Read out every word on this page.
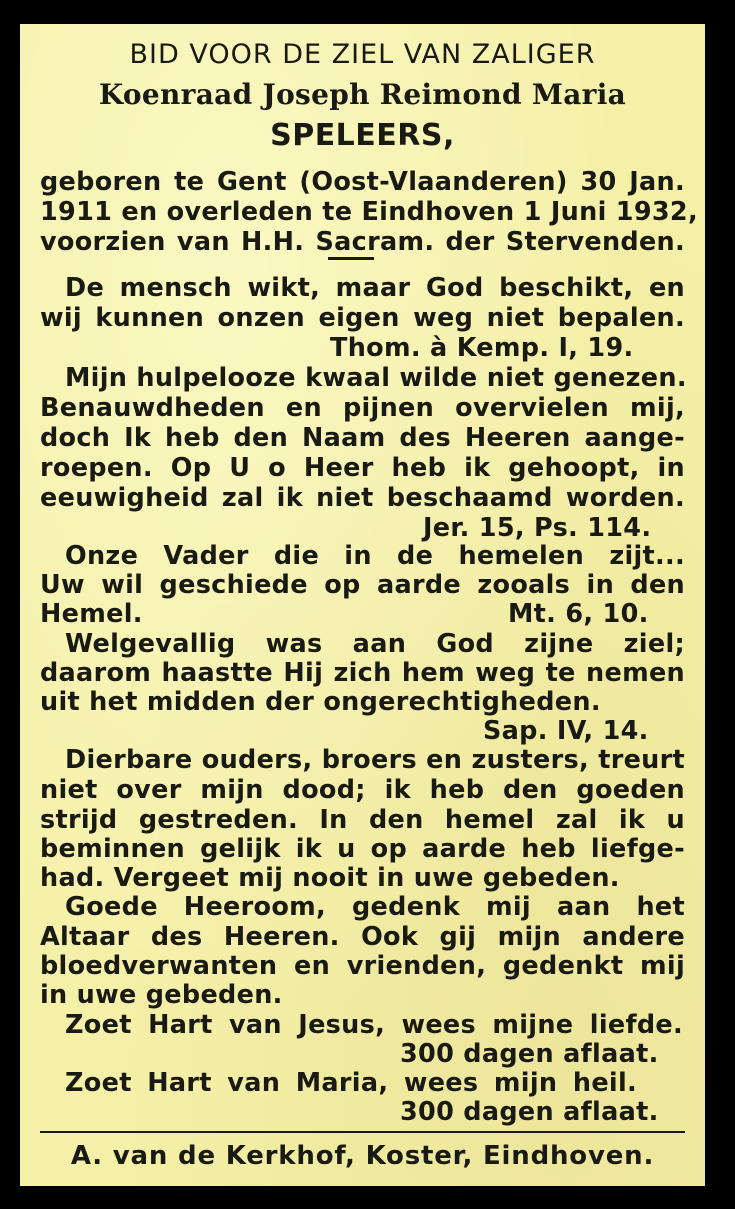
BID VOOR DE ZIEL VAN ZALIGER
Koenraad Joseph Reimond Maria
SPELEERS,
geboren te Gent (Oost-Vlaanderen) 30 Jan.
1911 en overleden te Eindhoven 1 Juni 1932,
voorzien van H.H. Sacram. der Stervenden.
De mensch wikt, maar God beschikt, en
wij kunnen onzen eigen weg niet bepalen.
Thom. à Kemp. I, 19.
Mijn hulpelooze kwaal wilde niet genezen.
Benauwdheden en pijnen overvielen mij,
doch Ik heb den Naam des Heeren aange-
roepen. Op U o Heer heb ik gehoopt, in
eeuwigheid zal ik niet beschaamd worden.
Jer. 15, Ps. 114.
Onze Vader die in de hemelen zijt...
Uw wil geschiede op aarde zooals in den
Hemel.	Mt. 6, 10.
Welgevallig was aan God zijne ziel;
daarom haastte Hij zich hem weg te nemen
uit het midden der ongerechtigheden.
Sap. IV, 14.
Dierbare ouders, broers en zusters, treurt
niet over mijn dood; ik heb den goeden
strijd gestreden. In den hemel zal ik u
beminnen gelijk ik u op aarde heb liefge-
had. Vergeet mij nooit in uwe gebeden.
Goede Heeroom, gedenk mij aan het
Altaar des Heeren. Ook gij mijn andere
bloedverwanten en vrienden, gedenkt mij
in uwe gebeden.
Zoet Hart van Jesus, wees mijne liefde.
300 dagen aflaat.
Zoet Hart van Maria, wees mijn heil.
300 dagen aflaat.
A. van de Kerkhof, Koster, Eindhoven.
